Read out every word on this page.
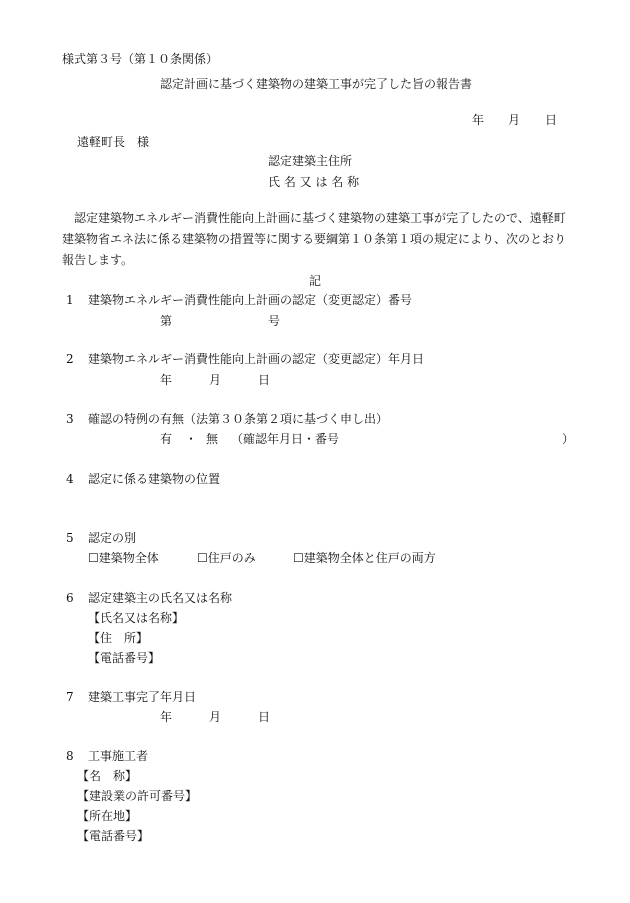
様式第３号（第１０条関係）
認定計画に基づく建築物の建築工事が完了した旨の報告書
年 月 日
遠軽町長　様
認定建築主住所
氏 名 又 は 名 称
認定建築物エネルギー消費性能向上計画に基づく建築物の建築工事が完了したので、遠軽町
建築物省エネ法に係る建築物の措置等に関する要綱第１０条第１項の規定により、次のとおり
報告します。
記
1 建築物エネルギー消費性能向上計画の認定（変更認定）番号
第	号
2 建築物エネルギー消費性能向上計画の認定（変更認定）年月日
年	月	日
3 確認の特例の有無（法第３０条第２項に基づく申し出）
有 ・ 無 （確認年月日・番号	）
4 認定に係る建築物の位置
5 認定の別
☐建築物全体	☐住戸のみ	☐建築物全体と住戸の両方
6 認定建築主の氏名又は名称
【氏名又は名称】
【住　所】
【電話番号】
7 建築工事完了年月日
年	月	日
8 工事施工者
【名　称】
【建設業の許可番号】
【所在地】
【電話番号】
